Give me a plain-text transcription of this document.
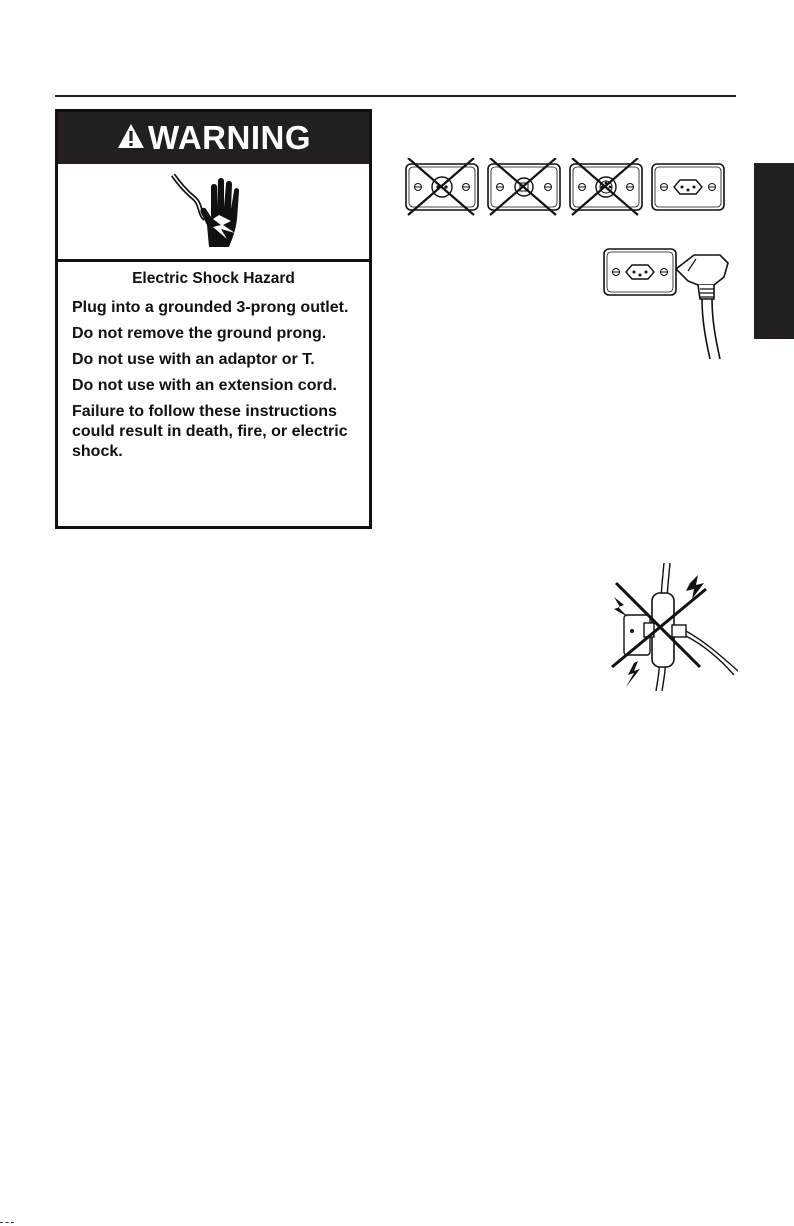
WARNING
Electric Shock Hazard
Plug into a grounded 3-prong outlet.
Do not remove the ground prong.
Do not use with an adaptor or T.
Do not use with an extension cord.
Failure to follow these instructions could result in death, fire, or electric shock.
